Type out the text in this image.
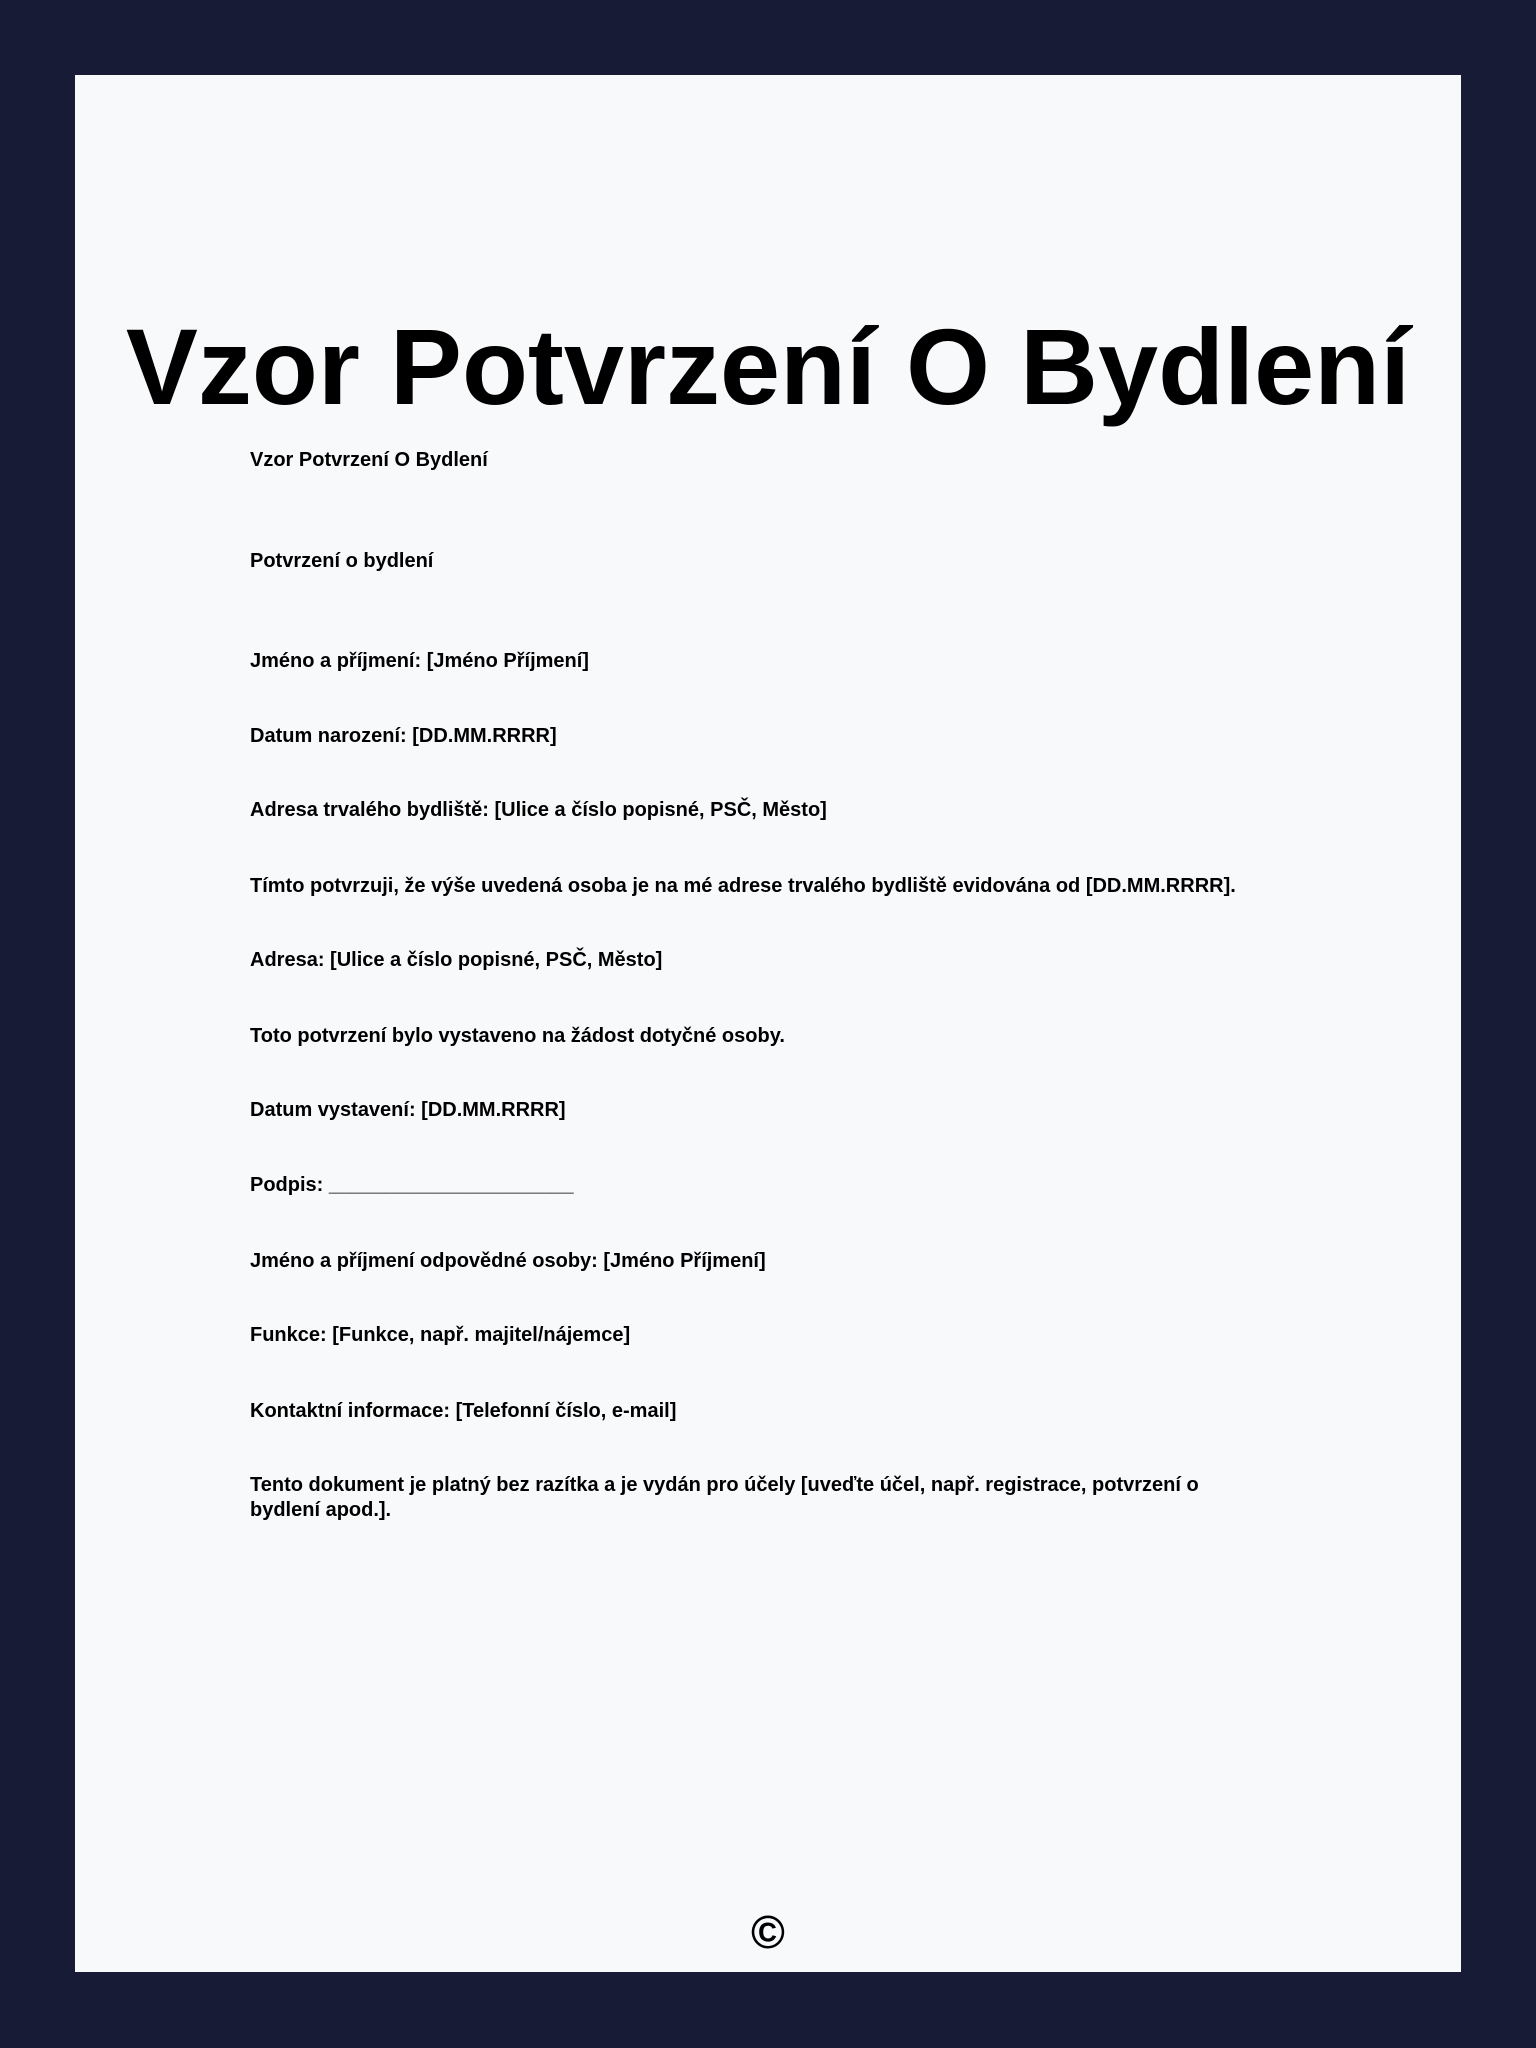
Vzor Potvrzení O Bydlení

Vzor Potvrzení O Bydlení

Potvrzení o bydlení

Jméno a příjmení: [Jméno Příjmení]

Datum narození: [DD.MM.RRRR]

Adresa trvalého bydliště: [Ulice a číslo popisné, PSČ, Město]

Tímto potvrzuji, že výše uvedená osoba je na mé adrese trvalého bydliště evidována od [DD.MM.RRRR].

Adresa: [Ulice a číslo popisné, PSČ, Město]

Toto potvrzení bylo vystaveno na žádost dotyčné osoby.

Datum vystavení: [DD.MM.RRRR]

Podpis: ______________________

Jméno a příjmení odpovědné osoby: [Jméno Příjmení]

Funkce: [Funkce, např. majitel/nájemce]

Kontaktní informace: [Telefonní číslo, e-mail]

Tento dokument je platný bez razítka a je vydán pro účely [uveďte účel, např. registrace, potvrzení o bydlení apod.].

©
